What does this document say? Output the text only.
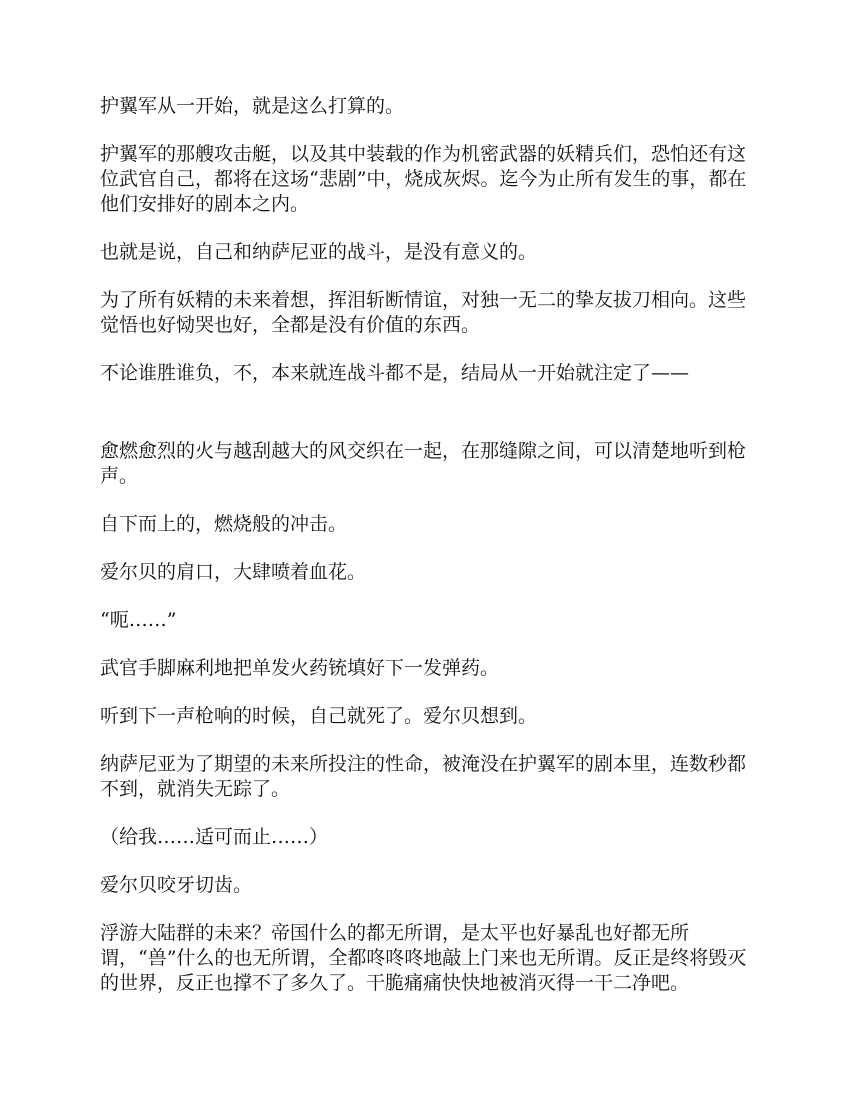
护翼军从一开始，就是这么打算的。

护翼军的那艘攻击艇，以及其中装载的作为机密武器的妖精兵们，恐怕还有这位武官自己，都将在这场“悲剧”中，烧成灰烬。迄今为止所有发生的事，都在他们安排好的剧本之内。

也就是说，自己和纳萨尼亚的战斗，是没有意义的。

为了所有妖精的未来着想，挥泪斩断情谊，对独一无二的挚友拔刀相向。这些觉悟也好恸哭也好，全都是没有价值的东西。

不论谁胜谁负，不，本来就连战斗都不是，结局从一开始就注定了——

愈燃愈烈的火与越刮越大的风交织在一起，在那缝隙之间，可以清楚地听到枪声。

自下而上的，燃烧般的冲击。

爱尔贝的肩口，大肆喷着血花。

“呃……”

武官手脚麻利地把单发火药铳填好下一发弹药。

听到下一声枪响的时候，自己就死了。爱尔贝想到。

纳萨尼亚为了期望的未来所投注的性命，被淹没在护翼军的剧本里，连数秒都不到，就消失无踪了。

（给我……适可而止……）

爱尔贝咬牙切齿。

浮游大陆群的未来？帝国什么的都无所谓，是太平也好暴乱也好都无所谓，“兽”什么的也无所谓，全都咚咚咚地敲上门来也无所谓。反正是终将毁灭的世界，反正也撑不了多久了。干脆痛痛快快地被消灭得一干二净吧。
